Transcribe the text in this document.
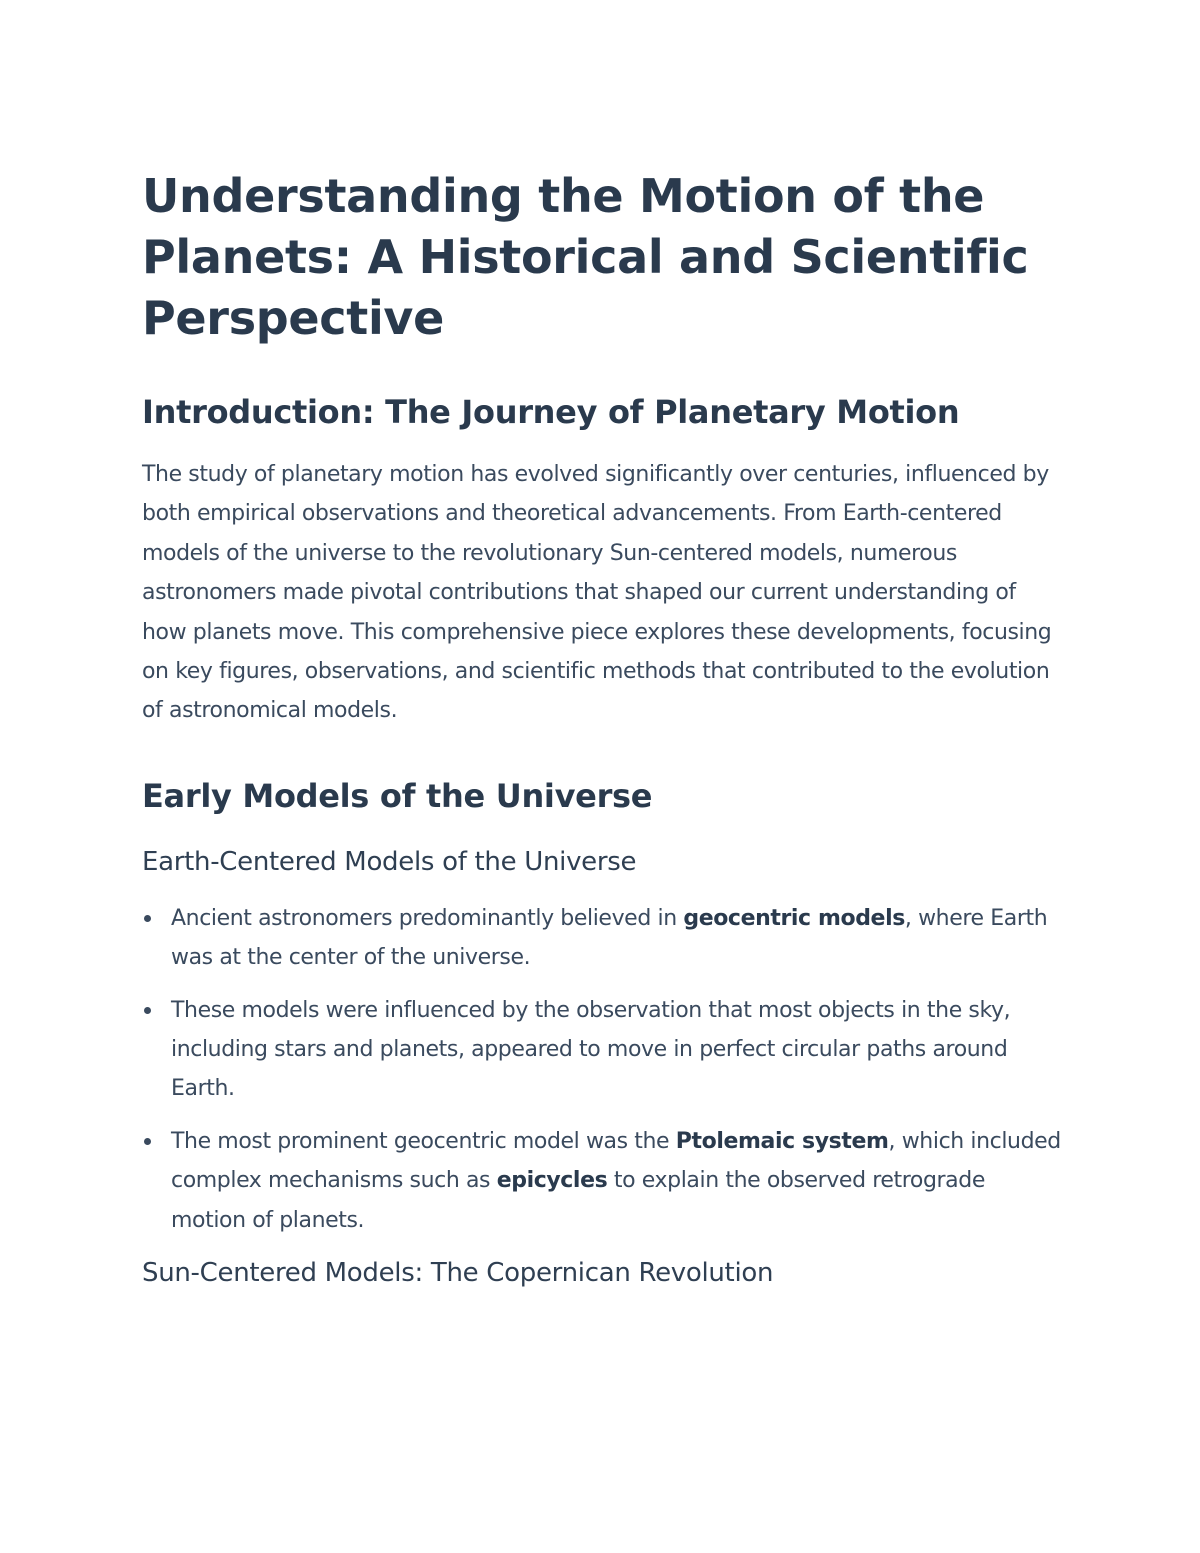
Understanding the Motion of the Planets: A Historical and Scientific Perspective
Introduction: The Journey of Planetary Motion

The study of planetary motion has evolved significantly over centuries, influenced by both empirical observations and theoretical advancements. From Earth-centered models of the universe to the revolutionary Sun-centered models, numerous astronomers made pivotal contributions that shaped our current understanding of how planets move. This comprehensive piece explores these developments, focusing on key figures, observations, and scientific methods that contributed to the evolution of astronomical models.

Early Models of the Universe
Earth-Centered Models of the Universe
Ancient astronomers predominantly believed in geocentric models, where Earth was at the center of the universe.
These models were influenced by the observation that most objects in the sky, including stars and planets, appeared to move in perfect circular paths around Earth.
The most prominent geocentric model was the Ptolemaic system, which included complex mechanisms such as epicycles to explain the observed retrograde motion of planets.
Sun-Centered Models: The Copernican Revolution
